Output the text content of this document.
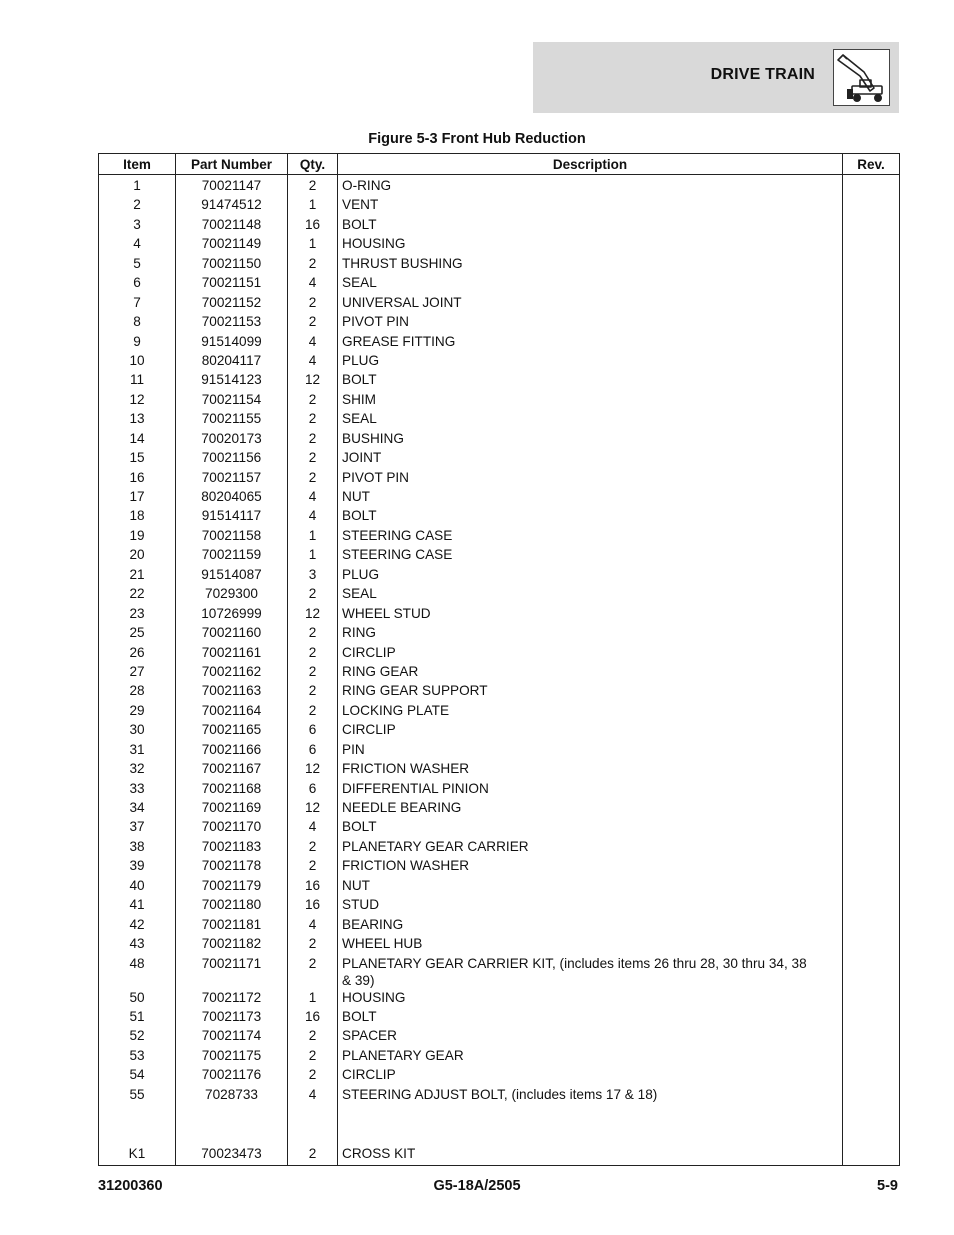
DRIVE TRAIN
Figure 5-3 Front Hub Reduction
Item	Part Number	Qty.	Description	Rev.
1	70021147	2	O-RING	
2	91474512	1	VENT	
3	70021148	16	BOLT	
4	70021149	1	HOUSING	
5	70021150	2	THRUST BUSHING	
6	70021151	4	SEAL	
7	70021152	2	UNIVERSAL JOINT	
8	70021153	2	PIVOT PIN	
9	91514099	4	GREASE FITTING	
10	80204117	4	PLUG	
11	91514123	12	BOLT	
12	70021154	2	SHIM	
13	70021155	2	SEAL	
14	70020173	2	BUSHING	
15	70021156	2	JOINT	
16	70021157	2	PIVOT PIN	
17	80204065	4	NUT	
18	91514117	4	BOLT	
19	70021158	1	STEERING CASE	
20	70021159	1	STEERING CASE	
21	91514087	3	PLUG	
22	7029300	2	SEAL	
23	10726999	12	WHEEL STUD	
25	70021160	2	RING	
26	70021161	2	CIRCLIP	
27	70021162	2	RING GEAR	
28	70021163	2	RING GEAR SUPPORT	
29	70021164	2	LOCKING PLATE	
30	70021165	6	CIRCLIP	
31	70021166	6	PIN	
32	70021167	12	FRICTION WASHER	
33	70021168	6	DIFFERENTIAL PINION	
34	70021169	12	NEEDLE BEARING	
37	70021170	4	BOLT	
38	70021183	2	PLANETARY GEAR CARRIER	
39	70021178	2	FRICTION WASHER	
40	70021179	16	NUT	
41	70021180	16	STUD	
42	70021181	4	BEARING	
43	70021182	2	WHEEL HUB	
48	70021171	2	PLANETARY GEAR CARRIER KIT, (includes items 26 thru 28, 30 thru 34, 38 & 39)	
50	70021172	1	HOUSING	
51	70021173	16	BOLT	
52	70021174	2	SPACER	
53	70021175	2	PLANETARY GEAR	
54	70021176	2	CIRCLIP	
55	7028733	4	STEERING ADJUST BOLT, (includes items 17 & 18)	

K1	70023473	2	CROSS KIT	
31200360	G5-18A/2505	5-9
